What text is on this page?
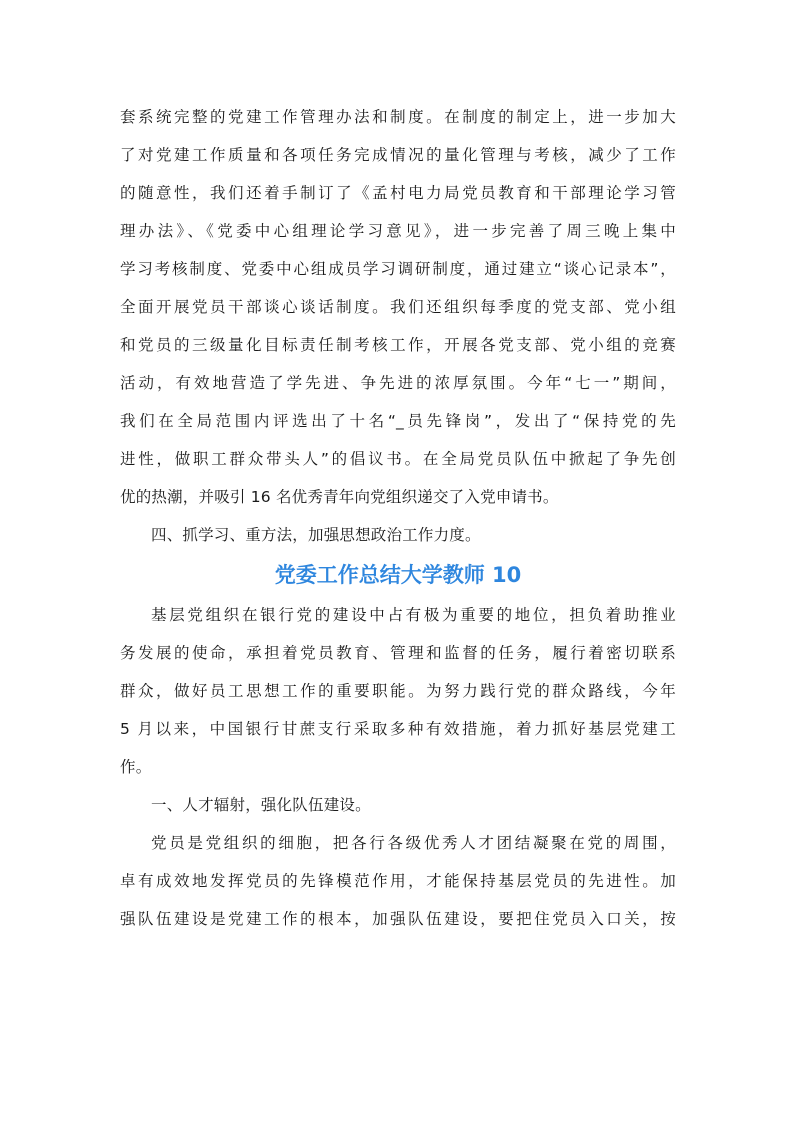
套系统完整的党建工作管理办法和制度。在制度的制定上，进一步加大
了对党建工作质量和各项任务完成情况的量化管理与考核，减少了工作
的随意性，我们还着手制订了《孟村电力局党员教育和干部理论学习管
理办法》、《党委中心组理论学习意见》，进一步完善了周三晚上集中
学习考核制度、党委中心组成员学习调研制度，通过建立“谈心记录本”，
全面开展党员干部谈心谈话制度。我们还组织每季度的党支部、党小组
和党员的三级量化目标责任制考核工作，开展各党支部、党小组的竞赛
活动，有效地营造了学先进、争先进的浓厚氛围。今年“七一”期间，
我们在全局范围内评选出了十名“_员先锋岗”，发出了“保持党的先
进性，做职工群众带头人”的倡议书。在全局党员队伍中掀起了争先创
优的热潮，并吸引 16 名优秀青年向党组织递交了入党申请书。
四、抓学习、重方法，加强思想政治工作力度。
党委工作总结大学教师 10
基层党组织在银行党的建设中占有极为重要的地位，担负着助推业
务发展的使命，承担着党员教育、管理和监督的任务，履行着密切联系
群众，做好员工思想工作的重要职能。为努力践行党的群众路线，今年
5 月以来，中国银行甘蔗支行采取多种有效措施，着力抓好基层党建工
作。
一、人才辐射，强化队伍建设。
党员是党组织的细胞，把各行各级优秀人才团结凝聚在党的周围，
卓有成效地发挥党员的先锋模范作用，才能保持基层党员的先进性。加
强队伍建设是党建工作的根本，加强队伍建设，要把住党员入口关，按
